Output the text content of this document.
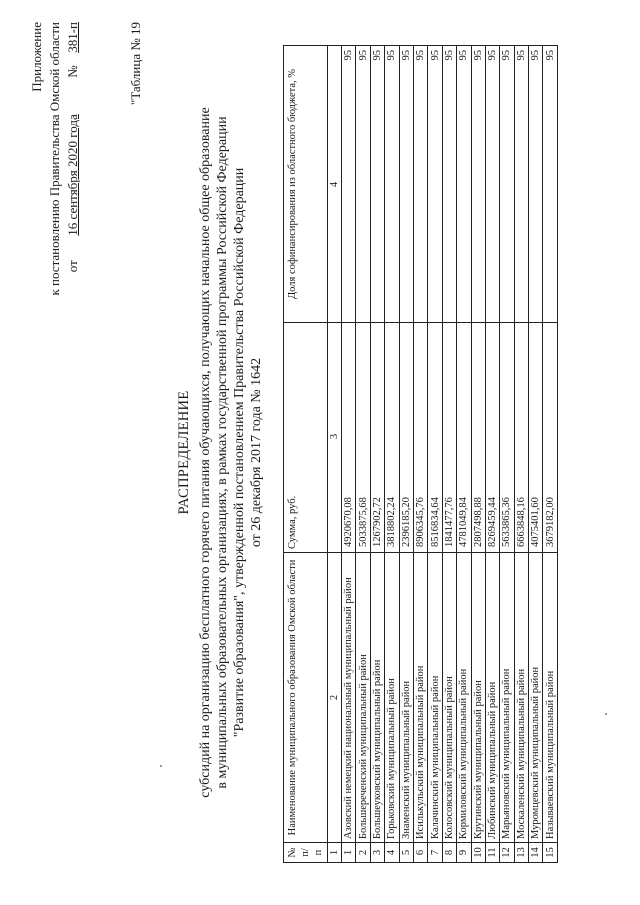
Приложение к постановлению Правительства Омской области от  16 сентября 2020 года  №  381-п	"Таблица № 19
РАСПРЕДЕЛЕНИЕ субсидий на организацию бесплатного горячего питания обучающихся, получающих начальное общее образование в муниципальных образовательных организациях, в рамках государственной программы Российской Федерации "Развитие образования", утвержденной постановлением Правительства Российской Федерации от 26 декабря 2017 года № 1642
№ п/п	Наименование муниципального образования Омской области	Сумма, руб.	Доля софинансирования из областного бюджета, %
1	2	3	4
1	Азовский немецкий национальный муниципальный район	4920670,08	95
2	Большереченский муниципальный район	5033875,68	95
3	Большеуковский муниципальный район	1267902,72	95
4	Горьковский муниципальный район	3818802,24	95
5	Знаменский муниципальный район	2396185,20	95
6	Исилькульский муниципальный район	8906345,76	95
7	Калачинский муниципальный район	8516834,64	95
8	Колосовский муниципальный район	1841477,76	95
9	Кормиловский муниципальный район	4781049,84	95
10	Крутинский муниципальный район	2807498,88	95
11	Любинский муниципальный район	8269459,44	95
12	Марьяновский муниципальный район	5633865,36	95
13	Москаленский муниципальный район	6663848,16	95
14	Муромцевский муниципальный район	4075401,60	95
15	Называевский муниципальный район	3679182,00	95
